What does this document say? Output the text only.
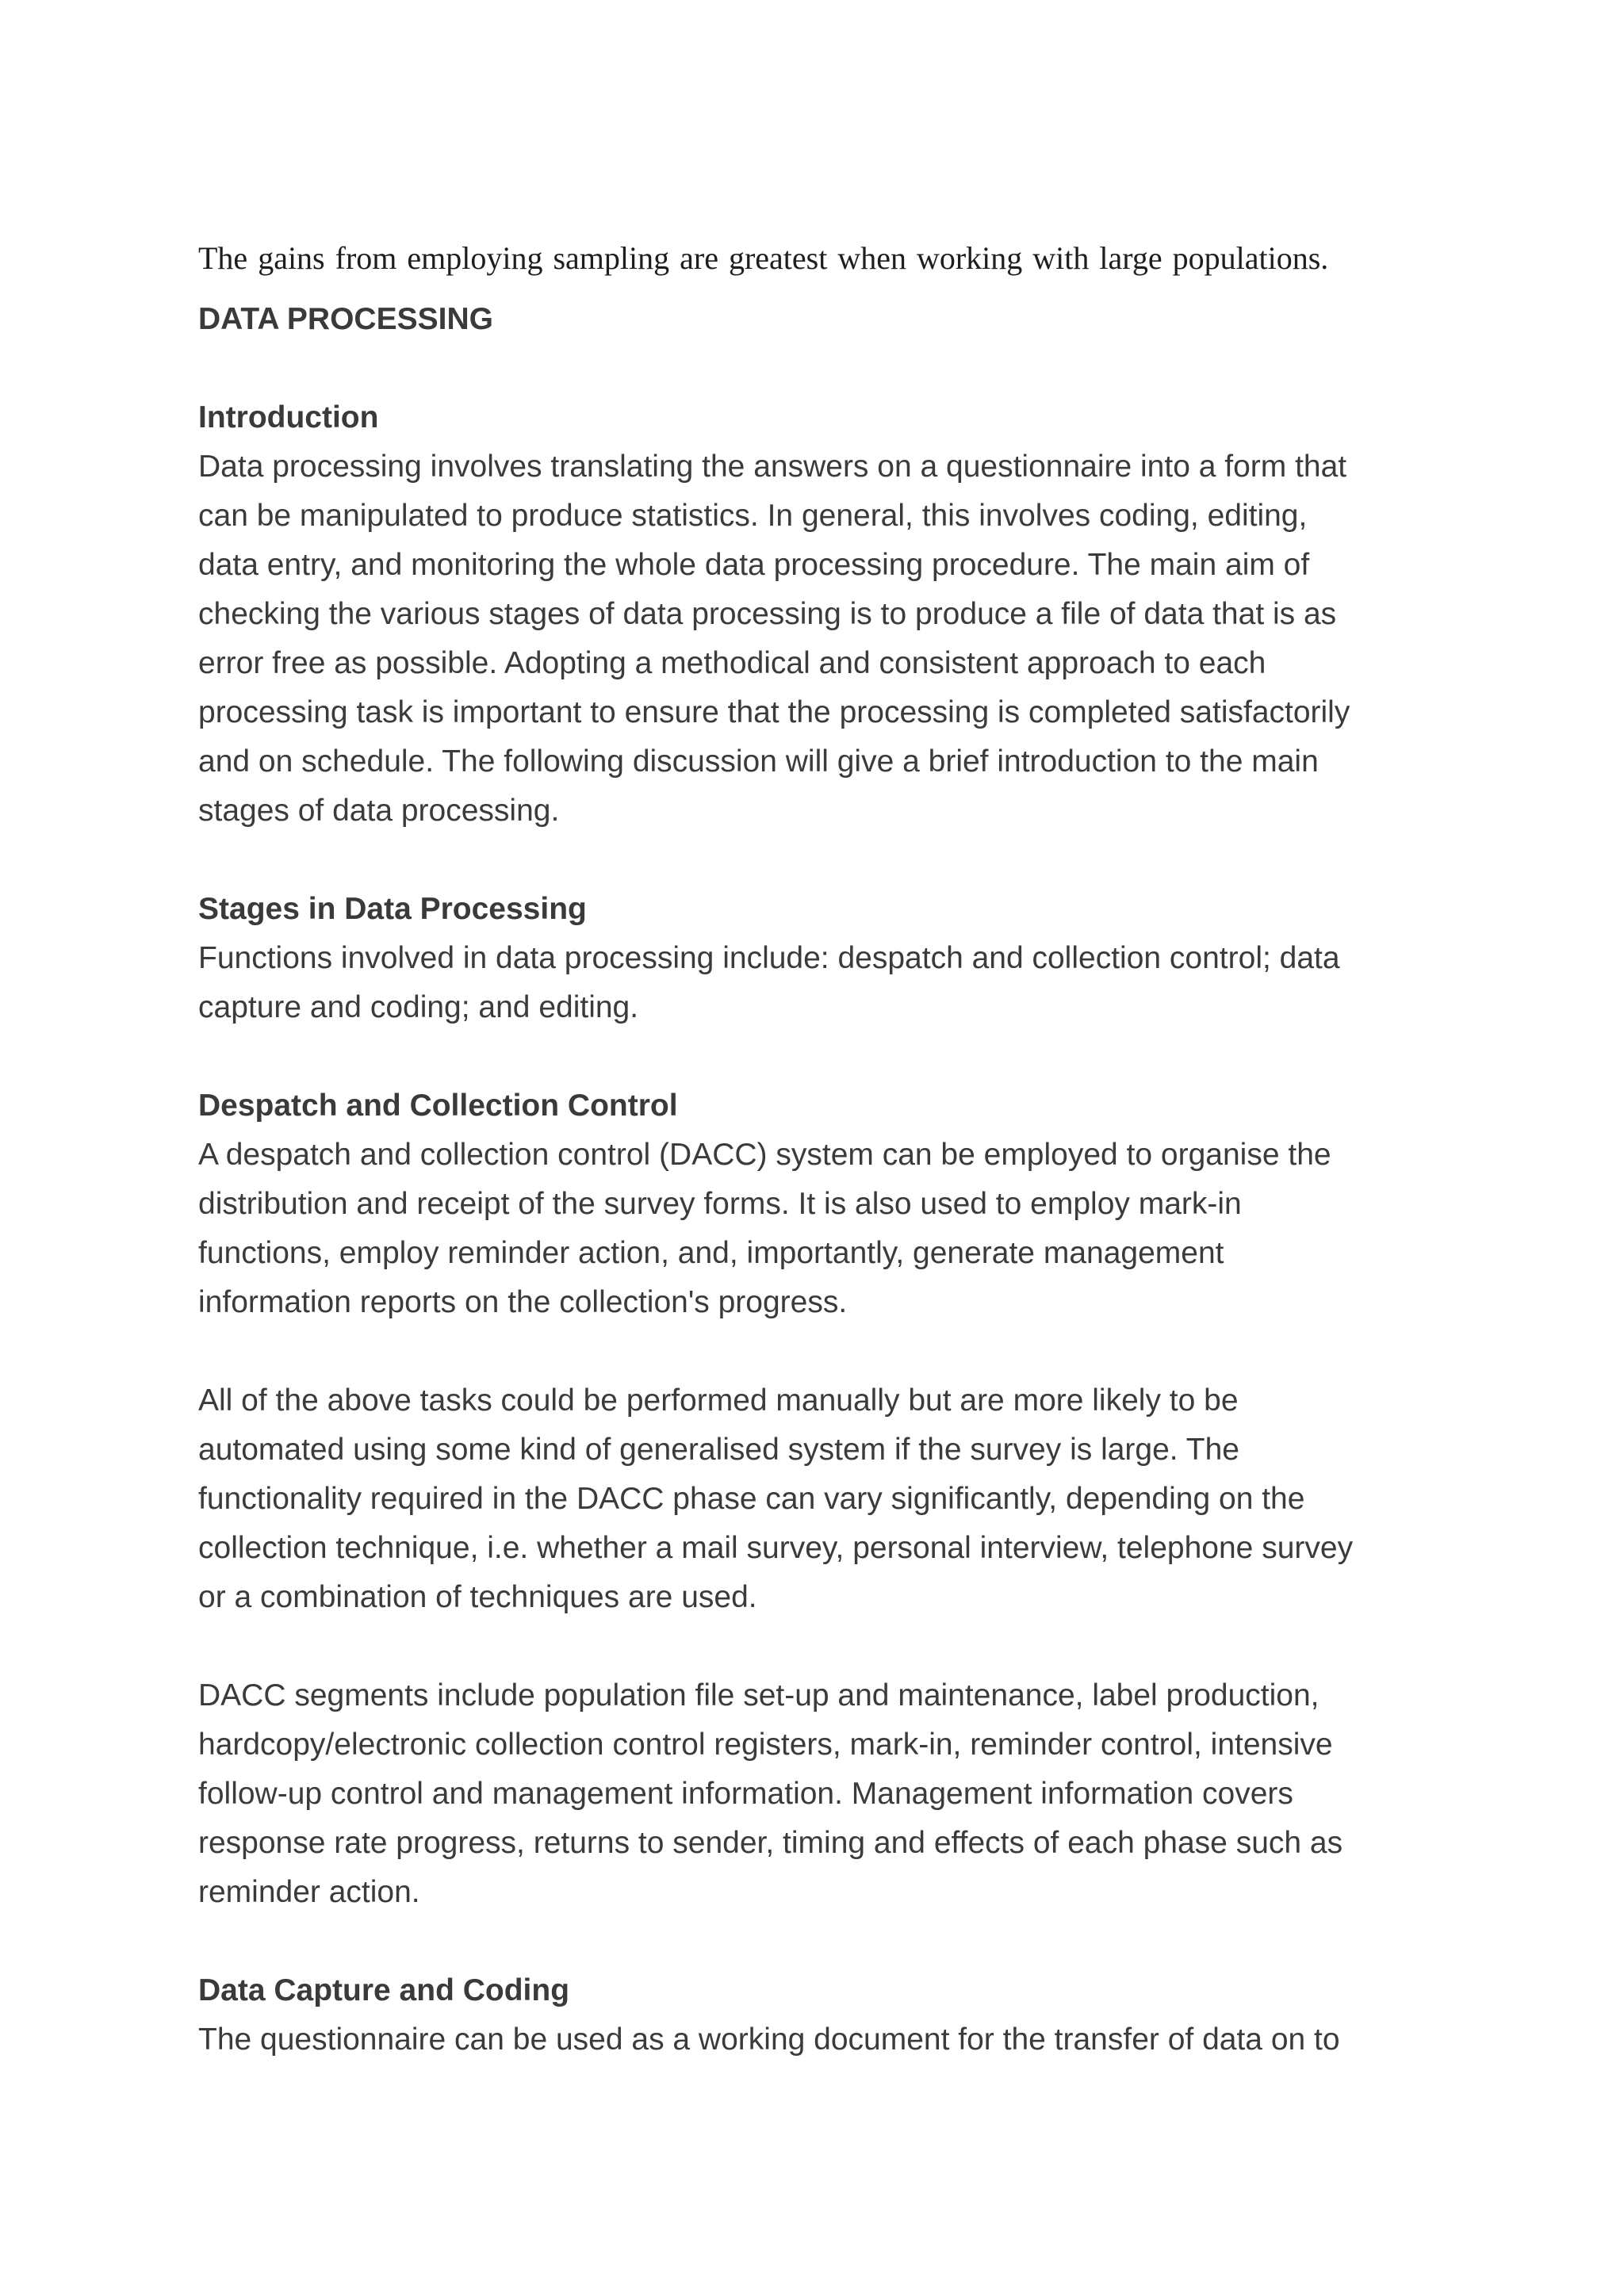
The gains from employing sampling are greatest when working with large populations.

DATA PROCESSING
Introduction

Data processing involves translating the answers on a questionnaire into a form that
can be manipulated to produce statistics. In general, this involves coding, editing,
data entry, and monitoring the whole data processing procedure. The main aim of
checking the various stages of data processing is to produce a file of data that is as
error free as possible. Adopting a methodical and consistent approach to each
processing task is important to ensure that the processing is completed satisfactorily
and on schedule. The following discussion will give a brief introduction to the main
stages of data processing.

Stages in Data Processing

Functions involved in data processing include: despatch and collection control; data
capture and coding; and editing.

Despatch and Collection Control

A despatch and collection control (DACC) system can be employed to organise the
distribution and receipt of the survey forms. It is also used to employ mark-in
functions, employ reminder action, and, importantly, generate management
information reports on the collection's progress.

All of the above tasks could be performed manually but are more likely to be
automated using some kind of generalised system if the survey is large. The
functionality required in the DACC phase can vary significantly, depending on the
collection technique, i.e. whether a mail survey, personal interview, telephone survey
or a combination of techniques are used.

DACC segments include population file set-up and maintenance, label production,
hardcopy/electronic collection control registers, mark-in, reminder control, intensive
follow-up control and management information. Management information covers
response rate progress, returns to sender, timing and effects of each phase such as
reminder action.

Data Capture and Coding

The questionnaire can be used as a working document for the transfer of data on to
